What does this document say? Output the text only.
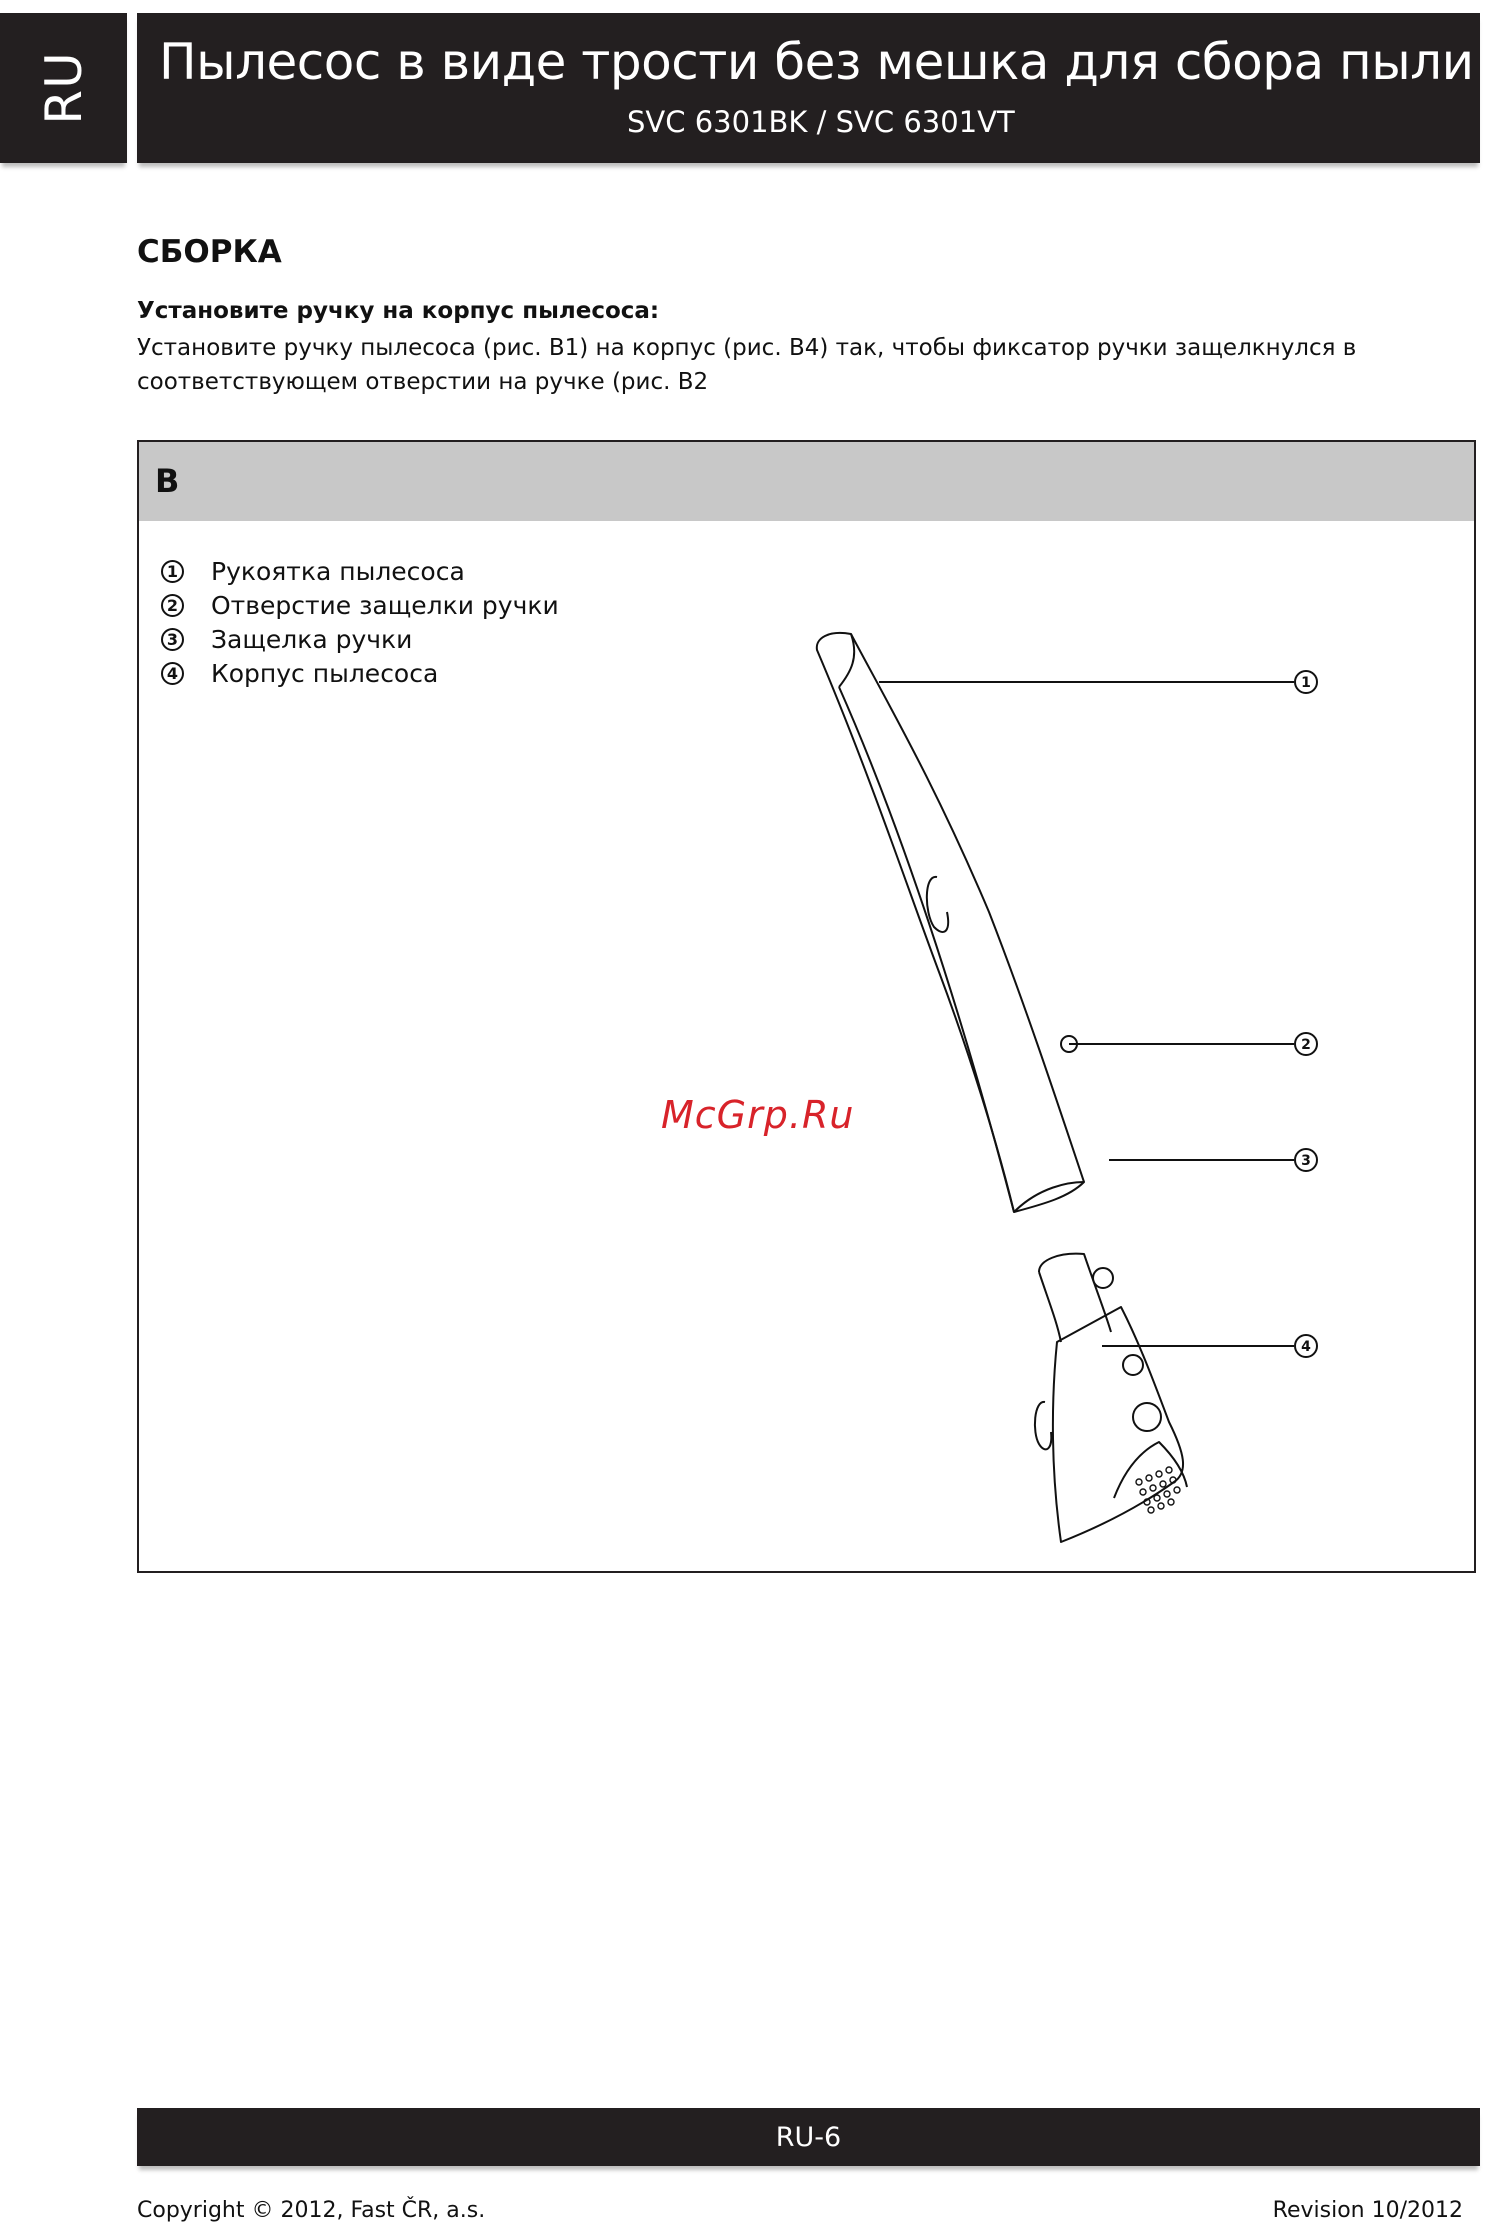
RU Пылесос в виде трости без мешка для сбора пыли
SVC 6301BK / SVC 6301VT
СБОРКА
Установите ручку на корпус пылесоса:
Установите ручку пылесоса (рис. B1) на корпус (рис. B4) так, чтобы фиксатор ручки защелкнулся в соответствующем отверстии на ручке (рис. B2
B
1 Рукоятка пылесоса
2 Отверстие защелки ручки
3 Защелка ручки
4 Корпус пылесоса	1
2
3
4
McGrp.Ru
RU-6
Copyright © 2012, Fast ČR, a.s.	Revision 10/2012
